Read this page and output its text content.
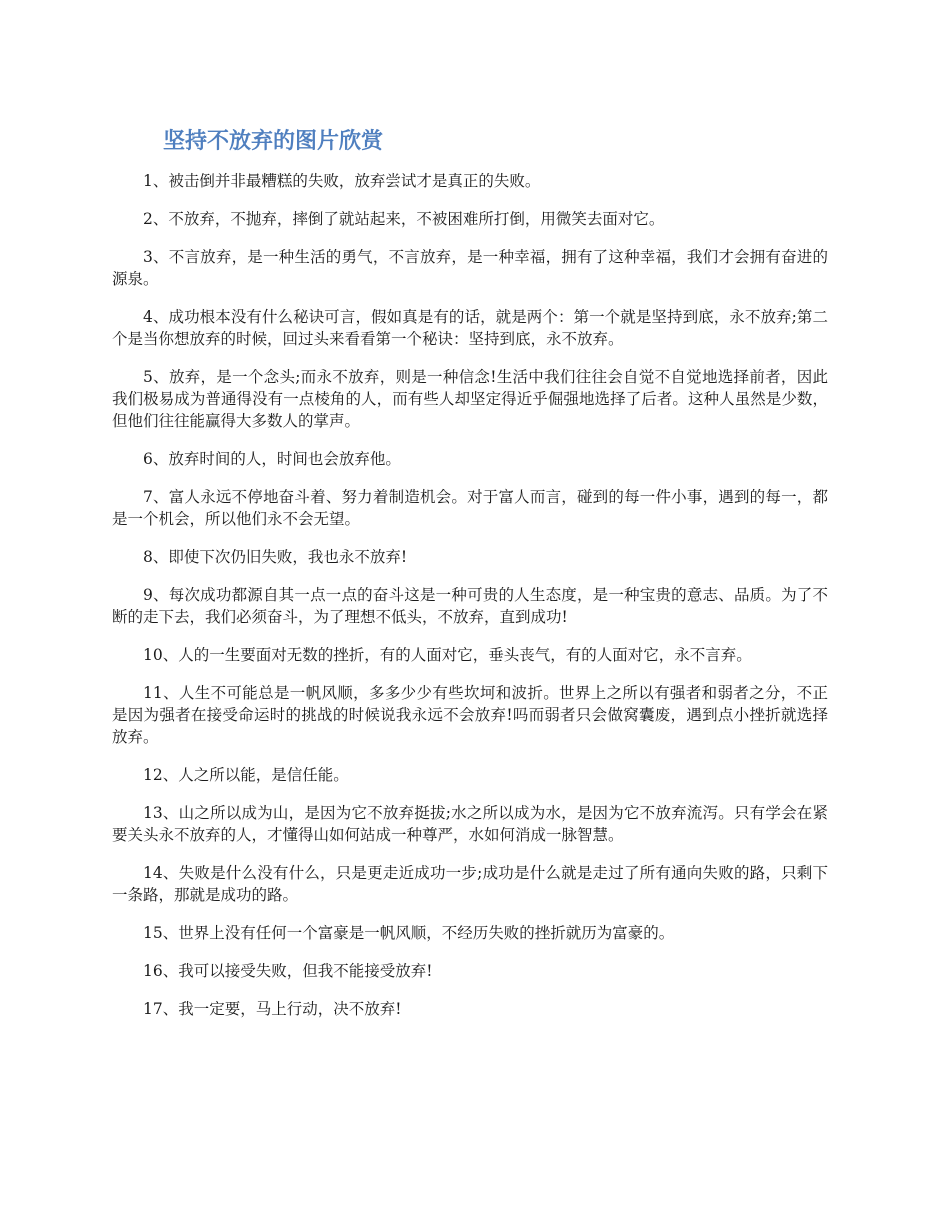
坚持不放弃的图片欣赏

1、被击倒并非最糟糕的失败，放弃尝试才是真正的失败。

2、不放弃，不抛弃，摔倒了就站起来，不被困难所打倒，用微笑去面对它。

3、不言放弃，是一种生活的勇气，不言放弃，是一种幸福，拥有了这种幸福，我们才会拥有奋进的源泉。

4、成功根本没有什么秘诀可言，假如真是有的话，就是两个：第一个就是坚持到底，永不放弃;第二个是当你想放弃的时候，回过头来看看第一个秘诀：坚持到底，永不放弃。

5、放弃，是一个念头;而永不放弃，则是一种信念!生活中我们往往会自觉不自觉地选择前者，因此我们极易成为普通得没有一点棱角的人，而有些人却坚定得近乎倔强地选择了后者。这种人虽然是少数，但他们往往能赢得大多数人的掌声。

6、放弃时间的人，时间也会放弃他。

7、富人永远不停地奋斗着、努力着制造机会。对于富人而言，碰到的每一件小事，遇到的每一，都是一个机会，所以他们永不会无望。

8、即使下次仍旧失败，我也永不放弃!

9、每次成功都源自其一点一点的奋斗这是一种可贵的人生态度，是一种宝贵的意志、品质。为了不断的走下去，我们必须奋斗，为了理想不低头，不放弃，直到成功!

10、人的一生要面对无数的挫折，有的人面对它，垂头丧气，有的人面对它，永不言弃。

11、人生不可能总是一帆风顺，多多少少有些坎坷和波折。世界上之所以有强者和弱者之分，不正是因为强者在接受命运时的挑战的时候说我永远不会放弃!吗而弱者只会做窝囊废，遇到点小挫折就选择放弃。

12、人之所以能，是信任能。

13、山之所以成为山，是因为它不放弃挺拔;水之所以成为水，是因为它不放弃流泻。只有学会在紧要关头永不放弃的人，才懂得山如何站成一种尊严，水如何消成一脉智慧。

14、失败是什么没有什么，只是更走近成功一步;成功是什么就是走过了所有通向失败的路，只剩下一条路，那就是成功的路。

15、世界上没有任何一个富豪是一帆风顺，不经历失败的挫折就历为富豪的。

16、我可以接受失败，但我不能接受放弃!

17、我一定要，马上行动，决不放弃!
